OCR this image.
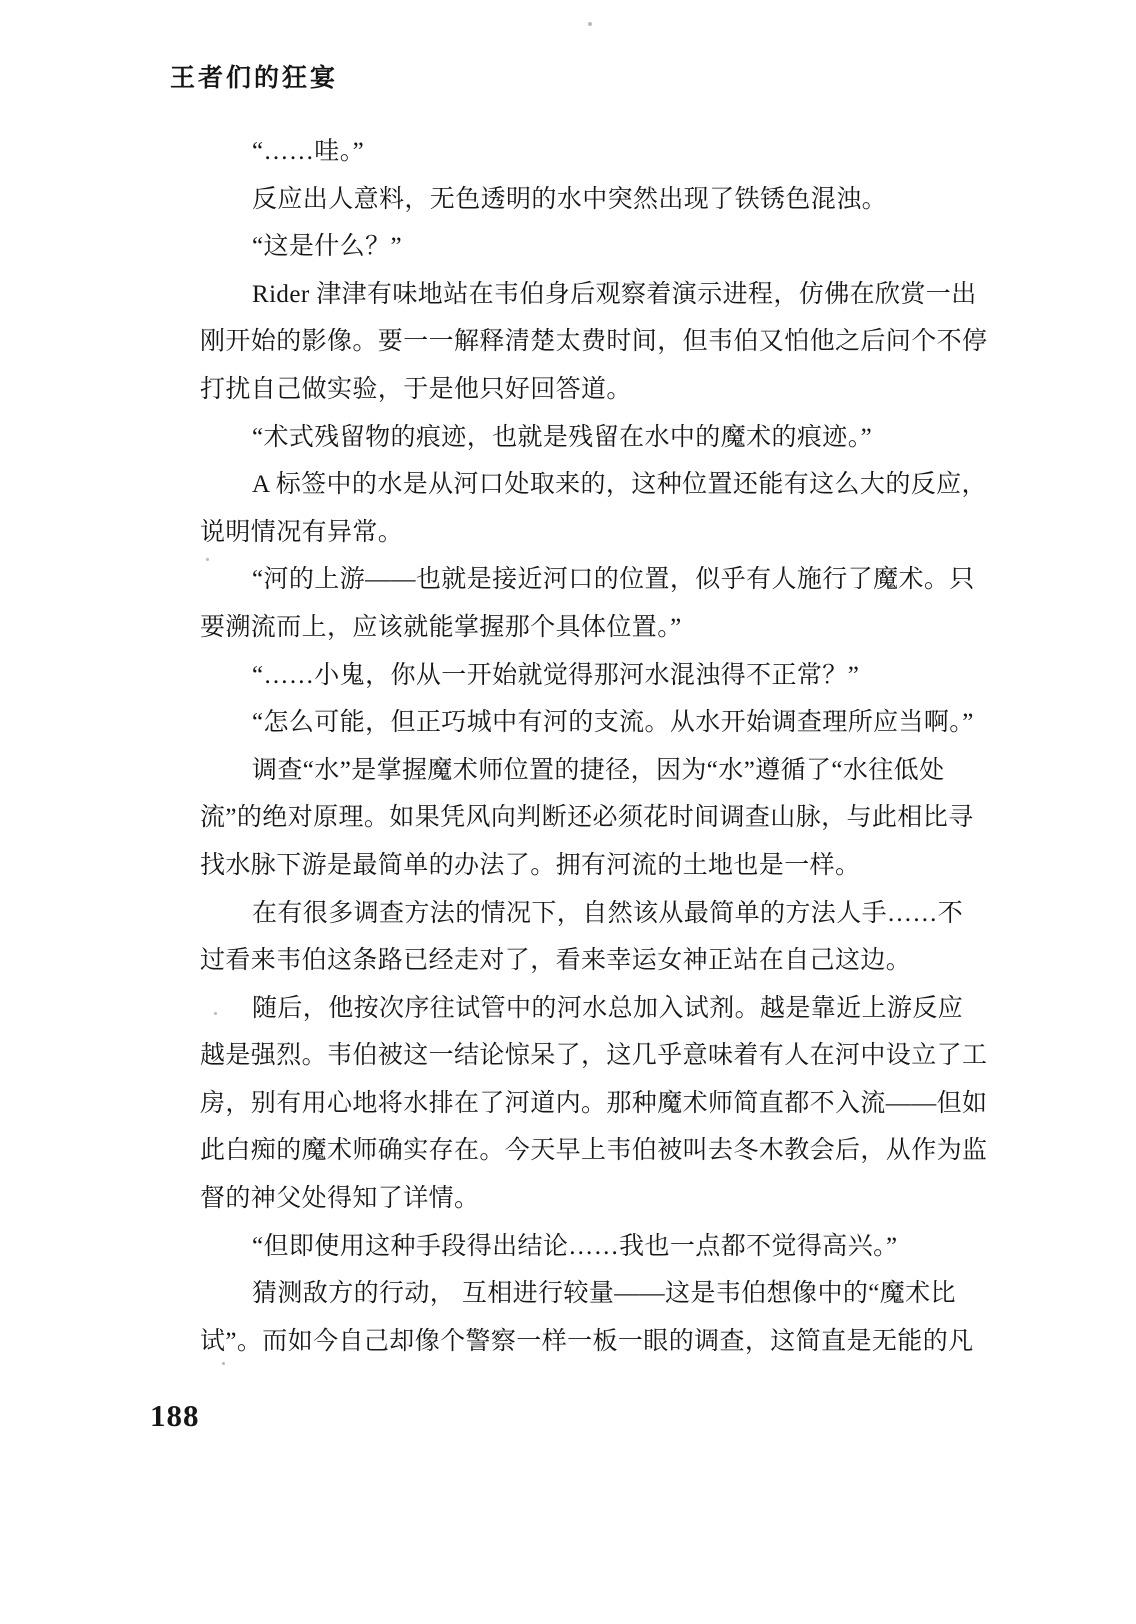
王者们的狂宴
“……哇。”
反应出人意料，无色透明的水中突然出现了铁锈色混浊。
“这是什么？”
Rider 津津有味地站在韦伯身后观察着演示进程，仿佛在欣赏一出
刚开始的影像。要一一解释清楚太费时间，但韦伯又怕他之后问个不停
打扰自己做实验，于是他只好回答道。
“术式残留物的痕迹，也就是残留在水中的魔术的痕迹。”
A 标签中的水是从河口处取来的，这种位置还能有这么大的反应，
说明情况有异常。
“河的上游——也就是接近河口的位置，似乎有人施行了魔术。只
要溯流而上，应该就能掌握那个具体位置。”
“……小鬼，你从一开始就觉得那河水混浊得不正常？”
“怎么可能，但正巧城中有河的支流。从水开始调查理所应当啊。”
调查“水”是掌握魔术师位置的捷径，因为“水”遵循了“水往低处
流”的绝对原理。如果凭风向判断还必须花时间调查山脉，与此相比寻
找水脉下游是最简单的办法了。拥有河流的土地也是一样。
在有很多调查方法的情况下，自然该从最简单的方法人手……不
过看来韦伯这条路已经走对了，看来幸运女神正站在自己这边。
随后，他按次序往试管中的河水总加入试剂。越是靠近上游反应
越是强烈。韦伯被这一结论惊呆了，这几乎意味着有人在河中设立了工
房，别有用心地将水排在了河道内。那种魔术师简直都不入流——但如
此白痴的魔术师确实存在。今天早上韦伯被叫去冬木教会后，从作为监
督的神父处得知了详情。
“但即使用这种手段得出结论……我也一点都不觉得高兴。”
猜测敌方的行动， 互相进行较量——这是韦伯想像中的“魔术比
试”。而如今自己却像个警察一样一板一眼的调查，这简直是无能的凡
188
